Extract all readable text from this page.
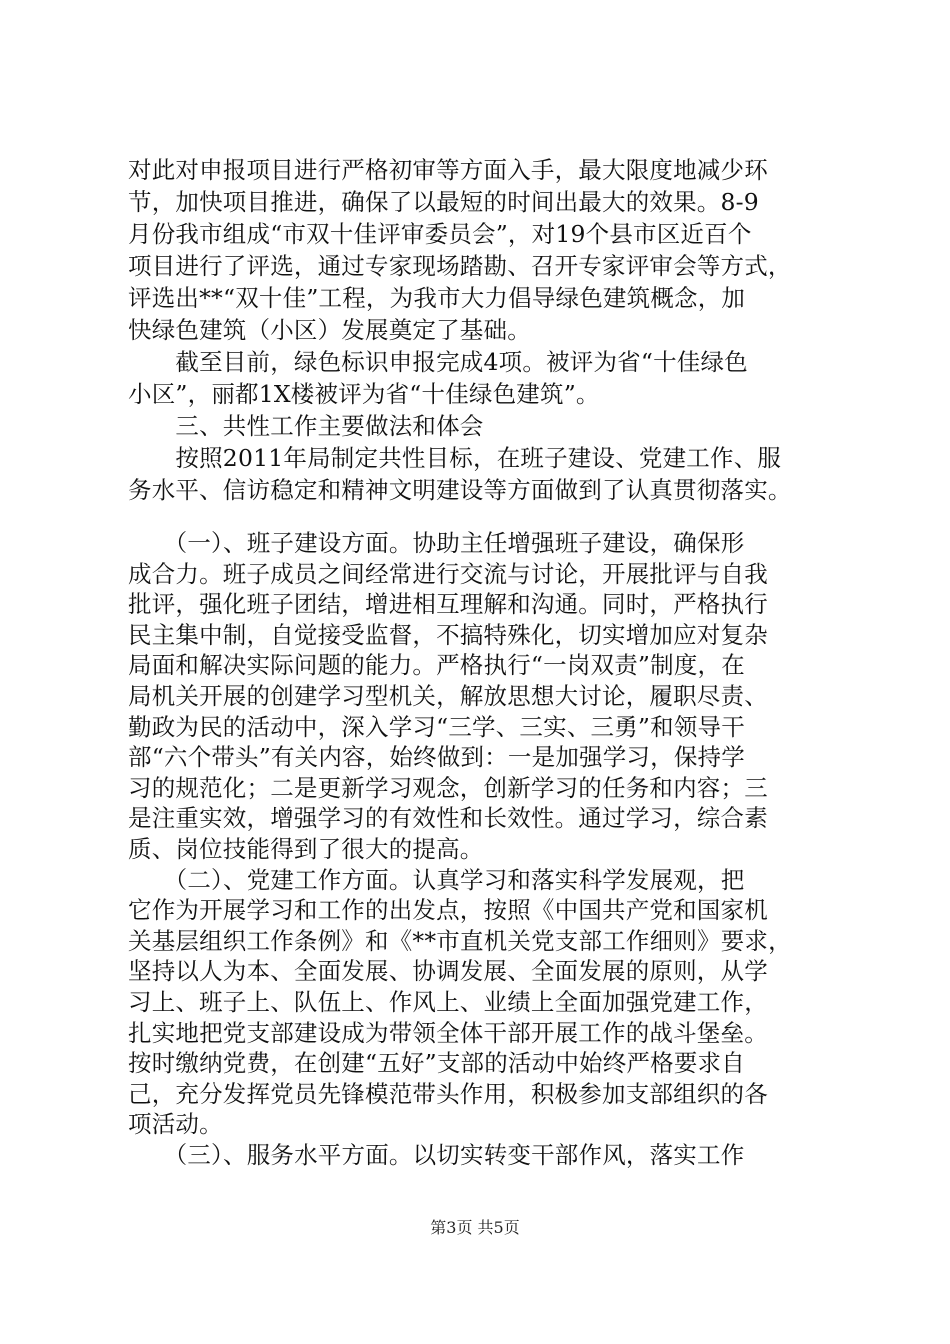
对此对申报项目进行严格初审等方面入手，最大限度地减少环
节，加快项目推进，确保了以最短的时间出最大的效果。8-9
月份我市组成“市双十佳评审委员会”，对19个县市区近百个
项目进行了评选，通过专家现场踏勘、召开专家评审会等方式，
评选出**“双十佳”工程，为我市大力倡导绿色建筑概念，加
快绿色建筑（小区）发展奠定了基础。
　　截至目前，绿色标识申报完成4项。被评为省“十佳绿色
小区”，丽都1X楼被评为省“十佳绿色建筑”。
　　三、共性工作主要做法和体会
　　按照2011年局制定共性目标，在班子建设、党建工作、服
务水平、信访稳定和精神文明建设等方面做到了认真贯彻落实。
　　（一）、班子建设方面。协助主任增强班子建设，确保形
成合力。班子成员之间经常进行交流与讨论，开展批评与自我
批评，强化班子团结，增进相互理解和沟通。同时，严格执行
民主集中制，自觉接受监督，不搞特殊化，切实增加应对复杂
局面和解决实际问题的能力。严格执行“一岗双责”制度，在
局机关开展的创建学习型机关，解放思想大讨论，履职尽责、
勤政为民的活动中，深入学习“三学、三实、三勇”和领导干
部“六个带头”有关内容，始终做到：一是加强学习，保持学
习的规范化；二是更新学习观念，创新学习的任务和内容；三
是注重实效，增强学习的有效性和长效性。通过学习，综合素
质、岗位技能得到了很大的提高。
　　（二）、党建工作方面。认真学习和落实科学发展观，把
它作为开展学习和工作的出发点，按照《中国共产党和国家机
关基层组织工作条例》和《**市直机关党支部工作细则》要求，
坚持以人为本、全面发展、协调发展、全面发展的原则，从学
习上、班子上、队伍上、作风上、业绩上全面加强党建工作，
扎实地把党支部建设成为带领全体干部开展工作的战斗堡垒。
第3页 共5页
按时缴纳党费，在创建“五好”支部的活动中始终严格要求自
己，充分发挥党员先锋模范带头作用，积极参加支部组织的各
项活动。
　　（三）、服务水平方面。以切实转变干部作风，落实工作
